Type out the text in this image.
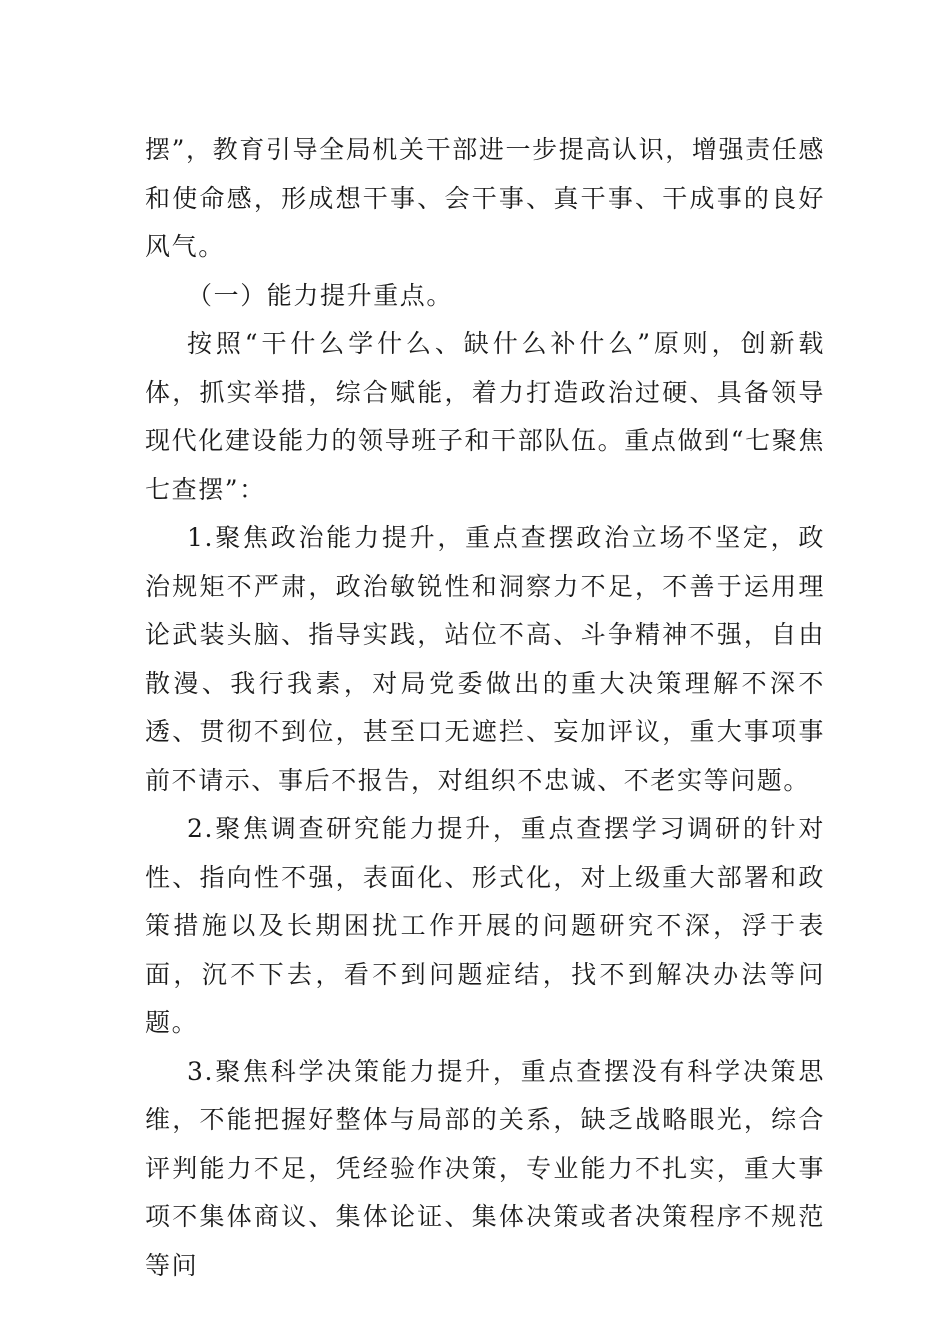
摆”，教育引导全局机关干部进一步提高认识，增强责任感和使命感，形成想干事、会干事、真干事、干成事的良好风气。

（一）能力提升重点。

按照“干什么学什么、缺什么补什么”原则，创新载体，抓实举措，综合赋能，着力打造政治过硬、具备领导现代化建设能力的领导班子和干部队伍。重点做到“七聚焦七查摆”：

1.聚焦政治能力提升，重点查摆政治立场不坚定，政治规矩不严肃，政治敏锐性和洞察力不足，不善于运用理论武装头脑、指导实践，站位不高、斗争精神不强，自由散漫、我行我素，对局党委做出的重大决策理解不深不透、贯彻不到位，甚至口无遮拦、妄加评议，重大事项事前不请示、事后不报告，对组织不忠诚、不老实等问题。

2.聚焦调查研究能力提升，重点查摆学习调研的针对性、指向性不强，表面化、形式化，对上级重大部署和政策措施以及长期困扰工作开展的问题研究不深，浮于表面，沉不下去，看不到问题症结，找不到解决办法等问题。

3.聚焦科学决策能力提升，重点查摆没有科学决策思维，不能把握好整体与局部的关系，缺乏战略眼光，综合评判能力不足，凭经验作决策，专业能力不扎实，重大事项不集体商议、集体论证、集体决策或者决策程序不规范等问
